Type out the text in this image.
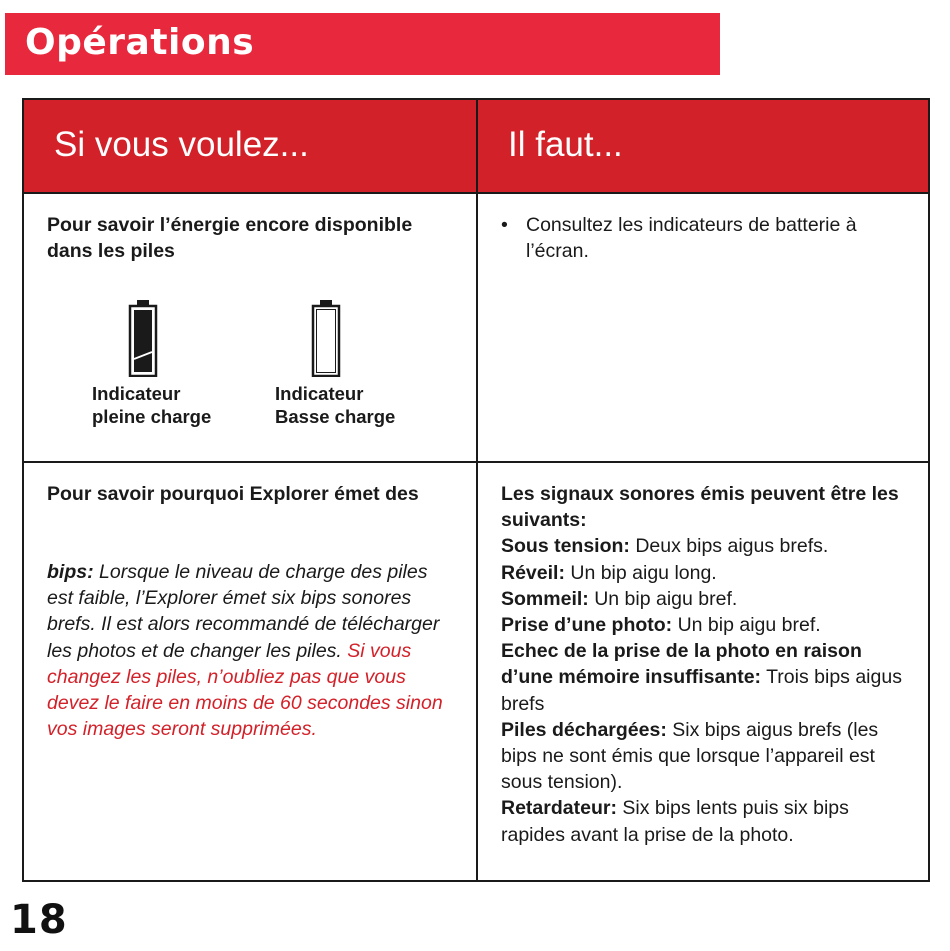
Opérations
Si vous voulez...	Il faut...

Pour savoir l’énergie encore disponible dans les piles

Indicateur
pleine charge

Indicateur
Basse charge

• Consultez les indicateurs de batterie à l’écran.

Pour savoir pourquoi Explorer émet des

bips: Lorsque le niveau de charge des piles est faible, l’Explorer émet six bips sonores brefs. Il est alors recommandé de télécharger les photos et de changer les piles. Si vous changez les piles, n’oubliez pas que vous devez le faire en moins de 60 secondes sinon vos images seront supprimées.

Les signaux sonores émis peuvent être les suivants:
Sous tension: Deux bips aigus brefs.
Réveil: Un bip aigu long.
Sommeil: Un bip aigu bref.
Prise d’une photo: Un bip aigu bref.
Echec de la prise de la photo en raison d’une mémoire insuffisante: Trois bips aigus brefs
Piles déchargées: Six bips aigus brefs (les bips ne sont émis que lorsque l’appareil est sous tension).
Retardateur: Six bips lents puis six bips rapides avant la prise de la photo.

18
